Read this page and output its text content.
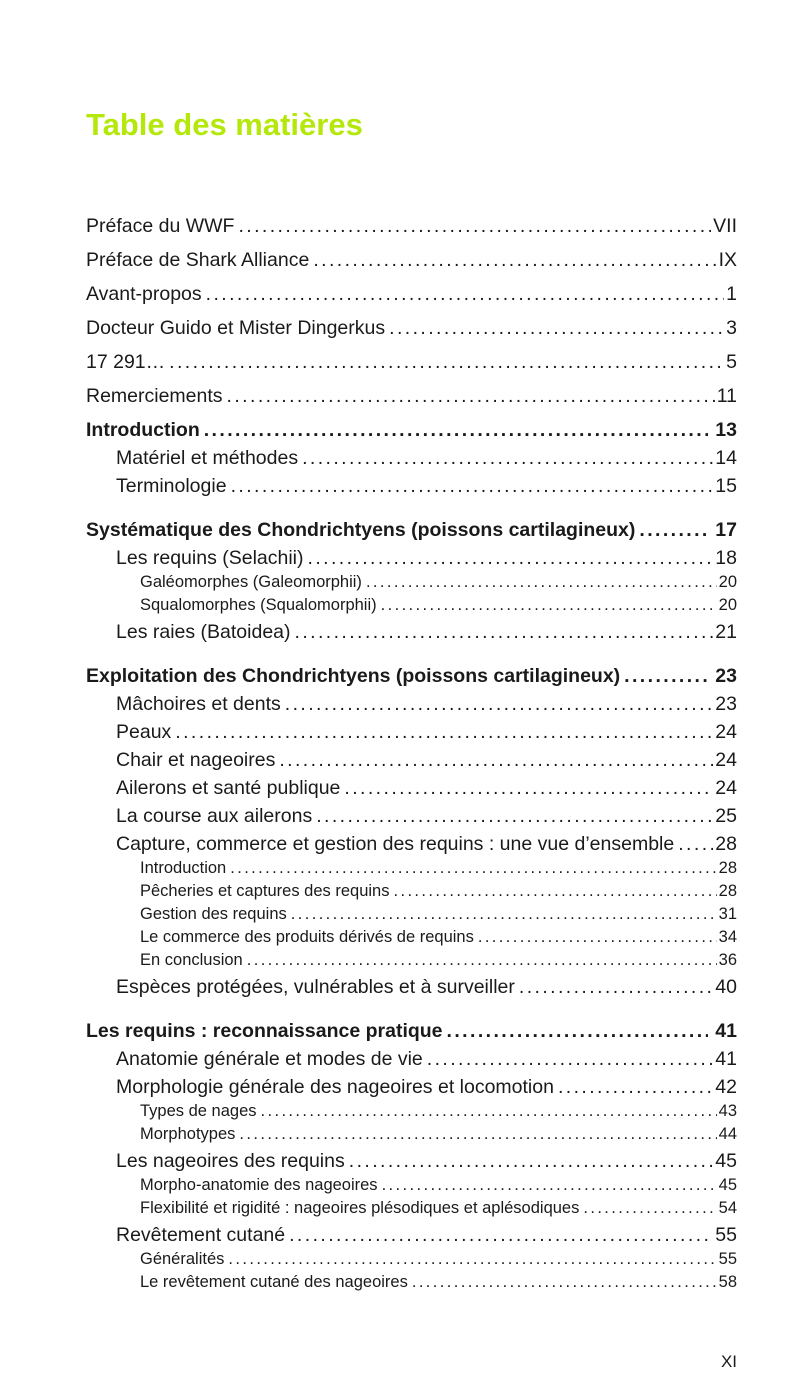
Table des matières
Préface du WWF .....	VII
Préface de Shark Alliance .....	IX
Avant-propos .....	1
Docteur Guido et Mister Dingerkus .....	3
17 291… .....	5
Remerciements .....	11
Introduction .....	13
Matériel et méthodes .....	14
Terminologie .....	15
Systématique des Chondrichtyens (poissons cartilagineux) .....	17
Les requins (Selachii) .....	18
Galéomorphes (Galeomorphii) .....	20
Squalomorphes (Squalomorphii) .....	20
Les raies (Batoidea) .....	21
Exploitation des Chondrichtyens (poissons cartilagineux) .....	23
Mâchoires et dents .....	23
Peaux .....	24
Chair et nageoires .....	24
Ailerons et santé publique .....	24
La course aux ailerons .....	25
Capture, commerce et gestion des requins : une vue d’ensemble ..... 28
Introduction .....	28
Pêcheries et captures des requins .....	28
Gestion des requins .....	31
Le commerce des produits dérivés de requins .....	34
En conclusion .....	36
Espèces protégées, vulnérables et à surveiller .....	40
Les requins : reconnaissance pratique .....	41
Anatomie générale et modes de vie .....	41
Morphologie générale des nageoires et locomotion .....	42
Types de nages .....	43
Morphotypes .....	44
Les nageoires des requins .....	45
Morpho-anatomie des nageoires .....	45
Flexibilité et rigidité : nageoires plésodiques et aplésodiques .....	54
Revêtement cutané .....	55
Généralités .....	55
Le revêtement cutané des nageoires .....	58
XI
